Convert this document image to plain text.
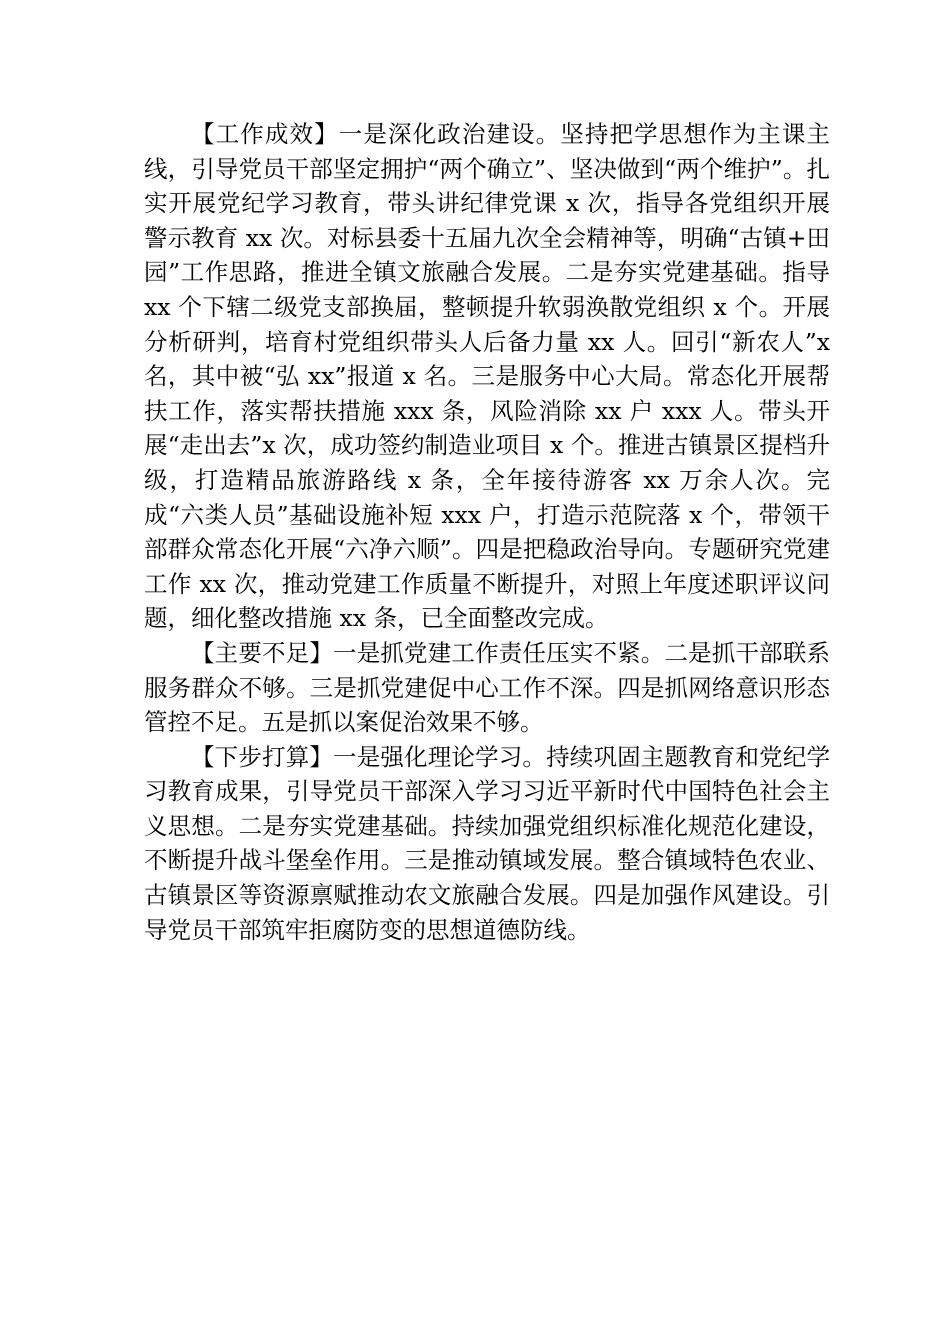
【工作成效】一是深化政治建设。坚持把学思想作为主课主线，引导党员干部坚定拥护“两个确立”、坚决做到“两个维护”。扎实开展党纪学习教育，带头讲纪律党课 x 次，指导各党组织开展警示教育 xx 次。对标县委十五届九次全会精神等，明确“古镇+田园”工作思路，推进全镇文旅融合发展。二是夯实党建基础。指导 xx 个下辖二级党支部换届，整顿提升软弱涣散党组织 x 个。开展分析研判，培育村党组织带头人后备力量 xx 人。回引“新农人”x 名，其中被“弘 xx”报道 x 名。三是服务中心大局。常态化开展帮扶工作，落实帮扶措施 xxx 条，风险消除 xx 户 xxx 人。带头开展“走出去”x 次，成功签约制造业项目 x 个。推进古镇景区提档升级，打造精品旅游路线 x 条，全年接待游客 xx 万余人次。完成“六类人员”基础设施补短 xxx 户，打造示范院落 x 个，带领干部群众常态化开展“六净六顺”。四是把稳政治导向。专题研究党建工作 xx 次，推动党建工作质量不断提升，对照上年度述职评议问题，细化整改措施 xx 条，已全面整改完成。

【主要不足】一是抓党建工作责任压实不紧。二是抓干部联系服务群众不够。三是抓党建促中心工作不深。四是抓网络意识形态管控不足。五是抓以案促治效果不够。

【下步打算】一是强化理论学习。持续巩固主题教育和党纪学习教育成果，引导党员干部深入学习习近平新时代中国特色社会主义思想。二是夯实党建基础。持续加强党组织标准化规范化建设，不断提升战斗堡垒作用。三是推动镇域发展。整合镇域特色农业、古镇景区等资源禀赋推动农文旅融合发展。四是加强作风建设。引导党员干部筑牢拒腐防变的思想道德防线。
